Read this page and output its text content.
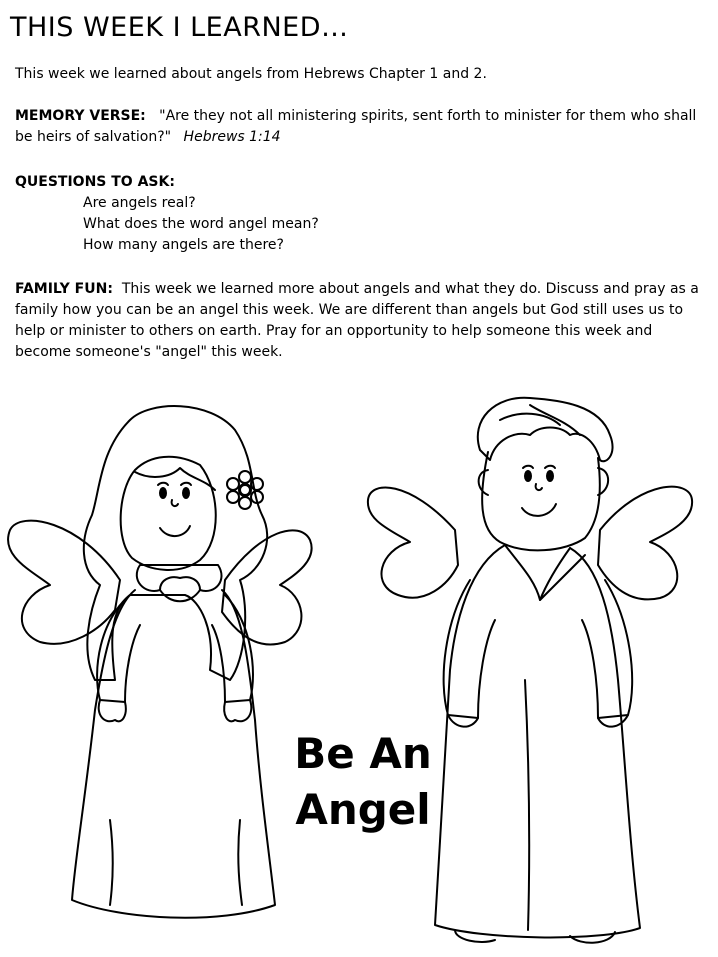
THIS WEEK I LEARNED…

This week we learned about angels from Hebrews Chapter 1 and 2.

MEMORY VERSE: "Are they not all ministering spirits, sent forth to minister for them who shall be heirs of salvation?" Hebrews 1:14

QUESTIONS TO ASK:
Are angels real?
What does the word angel mean?
How many angels are there?

FAMILY FUN: This week we learned more about angels and what they do. Discuss and pray as a family how you can be an angel this week. We are different than angels but God still uses us to help or minister to others on earth. Pray for an opportunity to help someone this week and become someone's "angel" this week.

Be An
Angel
